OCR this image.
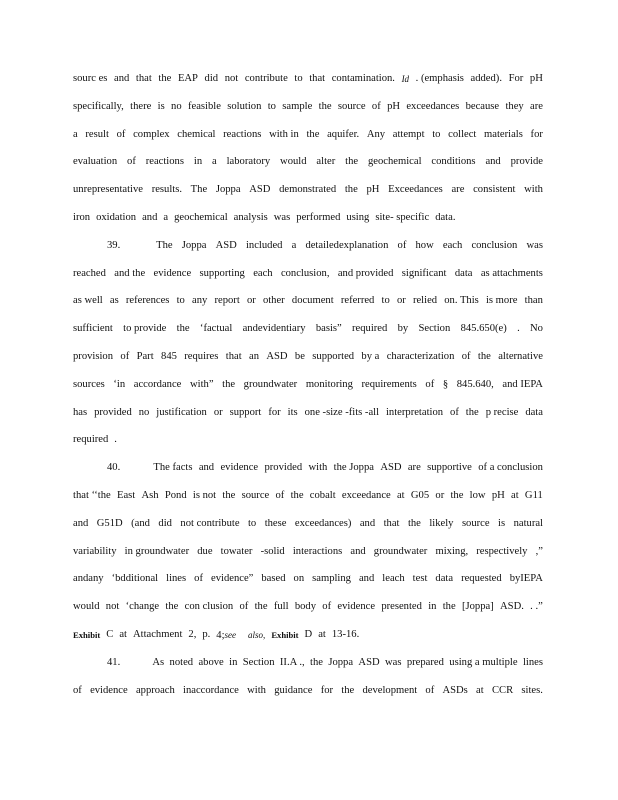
sourc es and that the EAP did not contribute to that contamination. Id . (emphasis added). For pH
specifically, there is no feasible solution to sample the source of pH exceedances because they are
a result of complex chemical reactions with in the aquifer. Any attempt to collect materials for
evaluation of reactions in a laboratory would alter the geochemical conditions and provide
unrepresentative results. The Joppa ASD demonstrated the pH Exceedances are consistent with
iron oxidation and a geochemical analysis was performed using site- specific data.
39.	The Joppa ASD included a detailedexplanation of how each conclusion was
reached and the evidence supporting each conclusion, and provided significant data as attachments
as well as references to any report or other document referred to or relied on. This is more than
sufficient to provide the ‘factual andevidentiary basis” required by Section 845.650(e) . No
provision of Part 845 requires that an ASD be supported by a characterization of the alternative
sources ‘in accordance with” the groundwater monitoring requirements of § 845.640, and IEPA
has provided no justification or support for its one -size -fits -all interpretation of the p recise data
required .
40.	The facts and evidence provided with the Joppa ASD are supportive of a conclusion
that ‘‘the East Ash Pond is not the source of the cobalt exceedance at G05 or the low pH at G11
and G51D (and did not contribute to these exceedances) and that the likely source is natural
variability in groundwater due towater -solid interactions and groundwater mixing, respectively ,”
andany ‘bdditional lines of evidence” based on sampling and leach test data requested byIEPA
would not ‘change the con clusion of the full body of evidence presented in the [Joppa] ASD. . .”
Exhibit C at Attachment 2, p. 4;see	also, Exhibit D at 13-16.
41.	As noted above in Section II.A ., the Joppa ASD was prepared using a multiple lines
of evidence approach inaccordance with guidance for the development of ASDs at CCR sites.
